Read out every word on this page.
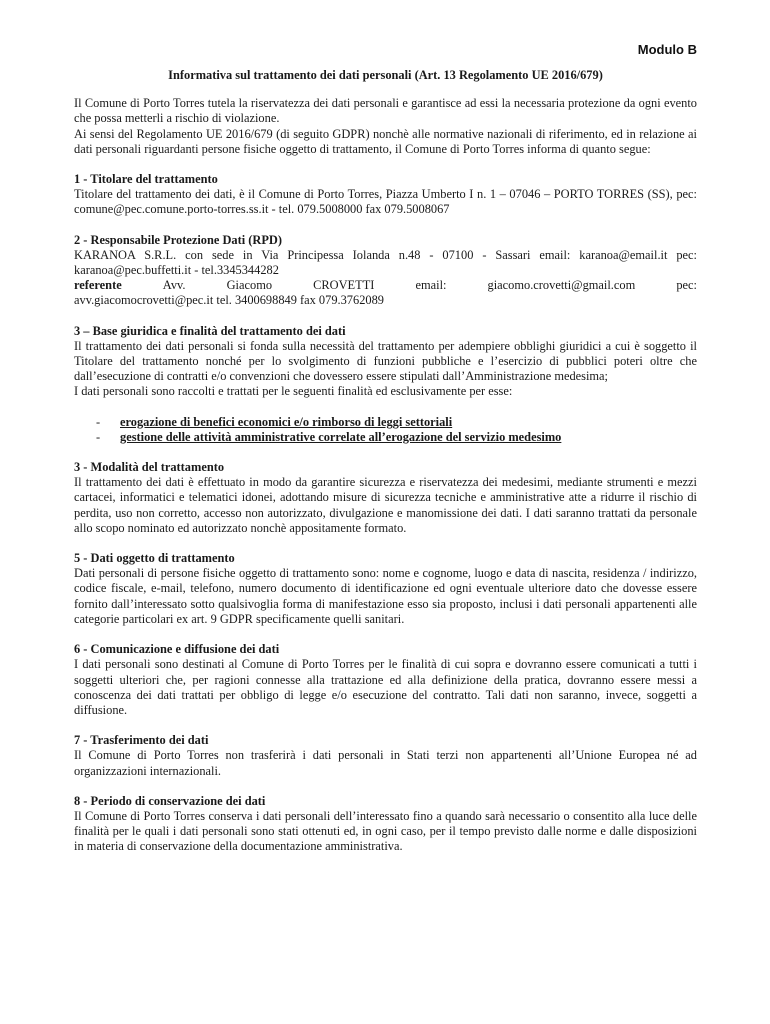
Modulo B
Informativa sul trattamento dei dati personali (Art. 13 Regolamento UE 2016/679)

Il Comune di Porto Torres tutela la riservatezza dei dati personali e garantisce ad essi la necessaria protezione da ogni evento che possa metterli a rischio di violazione.

Ai sensi del Regolamento UE 2016/679 (di seguito GDPR) nonchè alle normative nazionali di riferimento, ed in relazione ai dati personali riguardanti persone fisiche oggetto di trattamento, il Comune di Porto Torres informa di quanto segue:

1 - Titolare del trattamento

Titolare del trattamento dei dati, è il Comune di Porto Torres, Piazza Umberto I n. 1 – 07046 – PORTO TORRES (SS), pec: comune@pec.comune.porto-torres.ss.it - tel. 079.5008000 fax 079.5008067

2 - Responsabile Protezione Dati (RPD)

KARANOA S.R.L. con sede in Via Principessa Iolanda n.48 - 07100 - Sassari email: karanoa@email.it pec: karanoa@pec.buffetti.it - tel.3345344282

referente	Avv.	Giacomo	CROVETTI	email:	giacomo.crovetti@gmail.com	pec:

avv.giacomocrovetti@pec.it tel. 3400698849 fax 079.3762089

3 – Base giuridica e finalità del trattamento dei dati

Il trattamento dei dati personali si fonda sulla necessità del trattamento per adempiere obblighi giuridici a cui è soggetto il Titolare del trattamento nonché per lo svolgimento di funzioni pubbliche e l’esercizio di pubblici poteri oltre che dall’esecuzione di contratti e/o convenzioni che dovessero essere stipulati dall’Amministrazione medesima;

I dati personali sono raccolti e trattati per le seguenti finalità ed esclusivamente per esse:

-	erogazione di benefici economici e/o rimborso di leggi settoriali
-	gestione delle attività amministrative correlate all’erogazione del servizio medesimo
3 - Modalità del trattamento

Il trattamento dei dati è effettuato in modo da garantire sicurezza e riservatezza dei medesimi, mediante strumenti e mezzi cartacei, informatici e telematici idonei, adottando misure di sicurezza tecniche e amministrative atte a ridurre il rischio di perdita, uso non corretto, accesso non autorizzato, divulgazione e manomissione dei dati. I dati saranno trattati da personale allo scopo nominato ed autorizzato nonchè appositamente formato.

5 - Dati oggetto di trattamento

Dati personali di persone fisiche oggetto di trattamento sono: nome e cognome, luogo e data di nascita, residenza / indirizzo, codice fiscale, e-mail, telefono, numero documento di identificazione ed ogni eventuale ulteriore dato che dovesse essere fornito dall’interessato sotto qualsivoglia forma di manifestazione esso sia proposto, inclusi i dati personali appartenenti alle categorie particolari ex art. 9 GDPR specificamente quelli sanitari.

6 - Comunicazione e diffusione dei dati

I dati personali sono destinati al Comune di Porto Torres per le finalità di cui sopra e dovranno essere comunicati a tutti i soggetti ulteriori che, per ragioni connesse alla trattazione ed alla definizione della pratica, dovranno essere messi a conoscenza dei dati trattati per obbligo di legge e/o esecuzione del contratto. Tali dati non saranno, invece, soggetti a diffusione.

7 - Trasferimento dei dati

Il Comune di Porto Torres non trasferirà i dati personali in Stati terzi non appartenenti all’Unione Europea né ad organizzazioni internazionali.

8 - Periodo di conservazione dei dati

Il Comune di Porto Torres conserva i dati personali dell’interessato fino a quando sarà necessario o consentito alla luce delle finalità per le quali i dati personali sono stati ottenuti ed, in ogni caso, per il tempo previsto dalle norme e dalle disposizioni in materia di conservazione della documentazione amministrativa.
